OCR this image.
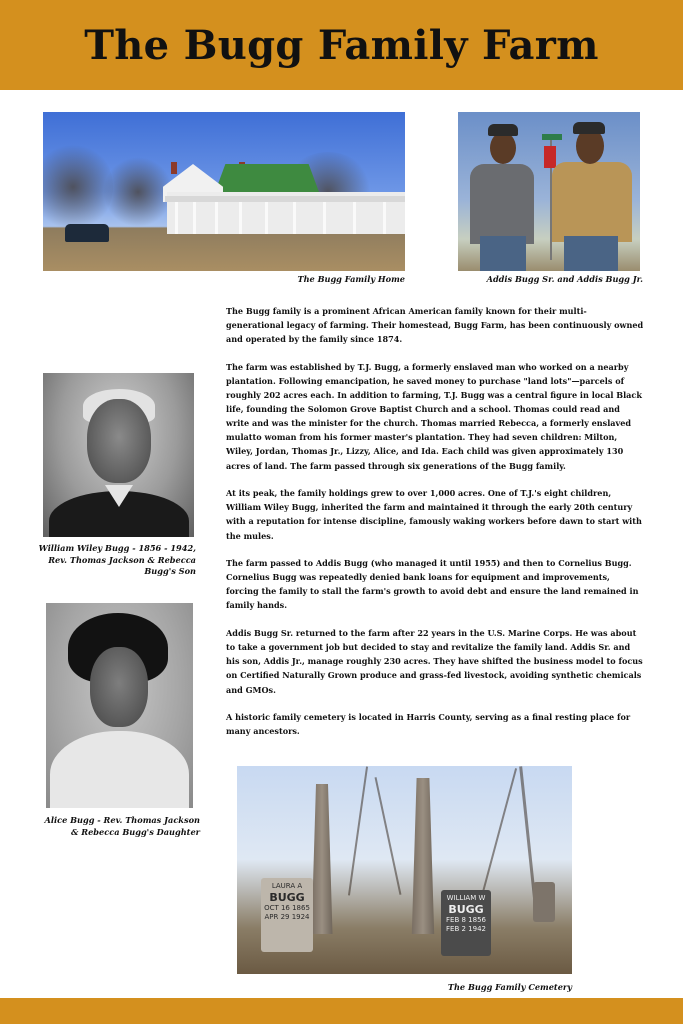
The Bugg Family Farm
The Bugg Family Home	Addis Bugg Sr. and Addis Bugg Jr.
William Wiley Bugg - 1856 - 1942,
Rev. Thomas Jackson & Rebecca
Bugg's Son
Alice Bugg - Rev. Thomas Jackson
& Rebecca Bugg's Daughter

The Bugg family is a prominent African American family known for their multi-generational legacy of farming. Their homestead, Bugg Farm, has been continuously owned and operated by the family since 1874.

The farm was established by T.J. Bugg, a formerly enslaved man who worked on a nearby plantation. Following emancipation, he saved money to purchase "land lots"—parcels of roughly 202 acres each. In addition to farming, T.J. Bugg was a central figure in local Black life, founding the Solomon Grove Baptist Church and a school. Thomas could read and write and was the minister for the church. Thomas married Rebecca, a formerly enslaved mulatto woman from his former master's plantation. They had seven children: Milton, Wiley, Jordan, Thomas Jr., Lizzy, Alice, and Ida. Each child was given approximately 130 acres of land. The farm passed through six generations of the Bugg family.

At its peak, the family holdings grew to over 1,000 acres. One of T.J.'s eight children, William Wiley Bugg, inherited the farm and maintained it through the early 20th century with a reputation for intense discipline, famously waking workers before dawn to start with the mules.

The farm passed to Addis Bugg (who managed it until 1955) and then to Cornelius Bugg. Cornelius Bugg was repeatedly denied bank loans for equipment and improvements, forcing the family to stall the farm's growth to avoid debt and ensure the land remained in family hands.

Addis Bugg Sr. returned to the farm after 22 years in the U.S. Marine Corps. He was about to take a government job but decided to stay and revitalize the family land. Addis Sr. and his son, Addis Jr., manage roughly 230 acres. They have shifted the business model to focus on Certified Naturally Grown produce and grass-fed livestock, avoiding synthetic chemicals and GMOs.

A historic family cemetery is located in Harris County, serving as a final resting place for many ancestors.

LAURA A
BUGG
OCT 16 1865
APR 29 1924
WILLIAM W
BUGG
FEB 8 1856
FEB 2 1942
The Bugg Family Cemetery
